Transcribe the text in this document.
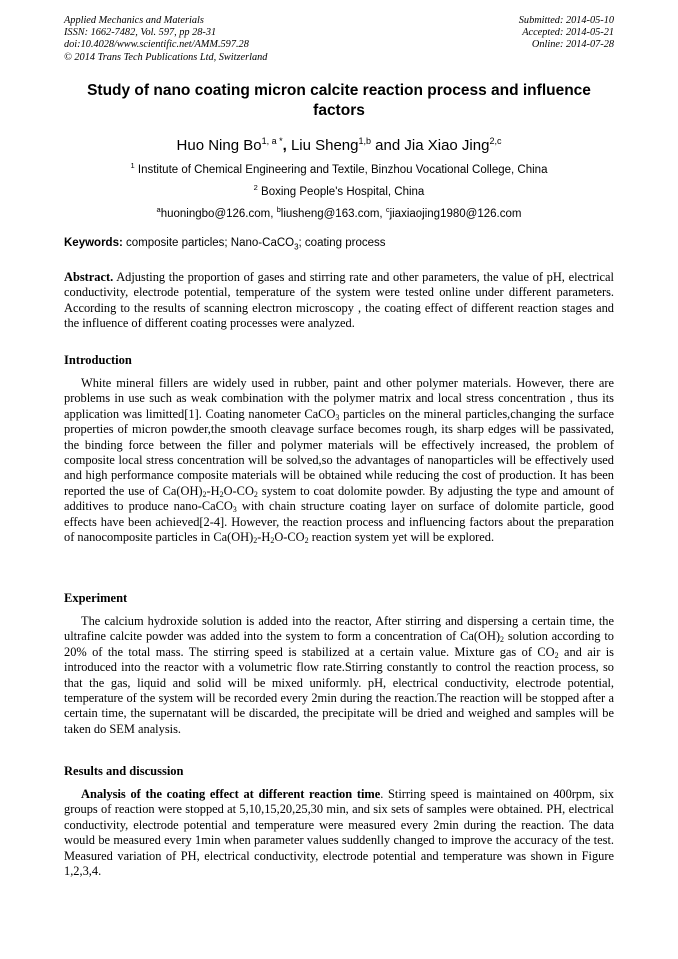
Applied Mechanics and Materials
ISSN: 1662-7482, Vol. 597, pp 28-31
doi:10.4028/www.scientific.net/AMM.597.28
© 2014 Trans Tech Publications Ltd, Switzerland
Submitted: 2014-05-10
Accepted: 2014-05-21
Online: 2014-07-28
Study of nano coating micron calcite reaction process and influence factors
Huo Ning $Bo^{1, a *}$, Liu Sheng$^{1,b}$ and Jia Xiao Jing$^{2,c}$
$^1$ Institute of Chemical Engineering and Textile, Binzhou Vocational College, China
$^2$ Boxing People's Hospital, China
$^a$huoningbo@126.com, $^b$liusheng@163.com, $^c$jiaxiaojing1980@126.com
Keywords: composite particles; Nano-CaCO$_3$; coating process
Abstract. Adjusting the proportion of gases and stirring rate and other parameters, the value of pH, electrical conductivity, electrode potential, temperature of the system were tested online under different parameters. According to the results of scanning electron microscopy , the coating effect of different reaction stages and the influence of different coating processes were analyzed.
Introduction
White mineral fillers are widely used in rubber, paint and other polymer materials. However, there are problems in use such as weak combination with the polymer matrix and local stress concentration , thus its application was limitted[1]. Coating nanometer CaCO$_3$ particles on the mineral particles,changing the surface properties of micron powder,the smooth cleavage surface becomes rough, its sharp edges will be passivated, the binding force between the filler and polymer materials will be effectively increased, the problem of composite local stress concentration will be solved,so the advantages of nanoparticles will be effectively used and high performance composite materials will be obtained while reducing the cost of production. It has been reported the use of $Ca(OH)_2-H_2O-CO_2$ system to coat dolomite powder. By adjusting the type and amount of additives to produce nano-CaCO$_3$ with chain structure coating layer on surface of dolomite particle, good effects have been achieved[2-4]. However, the reaction process and influencing factors about the preparation of nanocomposite particles in $Ca(OH)_2-H_2O-CO_2$ reaction system yet will be explored.
Experiment
The calcium hydroxide solution is added into the reactor, After stirring and dispersing a certain time, the ultrafine calcite powder was added into the system to form a concentration of $Ca(OH)_2$ solution according to 20% of the total mass. The stirring speed is stabilized at a certain value. Mixture gas of $CO_2$ and air is introduced into the reactor with a volumetric flow rate.Stirring constantly to control the reaction process, so that the gas, liquid and solid will be mixed uniformly. pH, electrical conductivity, electrode potential, temperature of the system will be recorded every 2min during the reaction.The reaction will be stopped after a certain time, the supernatant will be discarded, the precipitate will be dried and weighed and samples will be taken do SEM analysis.
Results and discussion
Analysis of the coating effect at different reaction time. Stirring speed is maintained on 400rpm, six groups of reaction were stopped at 5,10,15,20,25,30 min, and six sets of samples were obtained. PH, electrical conductivity, electrode potential and temperature were measured every 2min during the reaction. The data would be measured every 1min when parameter values suddenlly changed to improve the accuracy of the test. Measured variation of PH, electrical conductivity, electrode potential and temperature was shown in Figure 1,2,3,4.
